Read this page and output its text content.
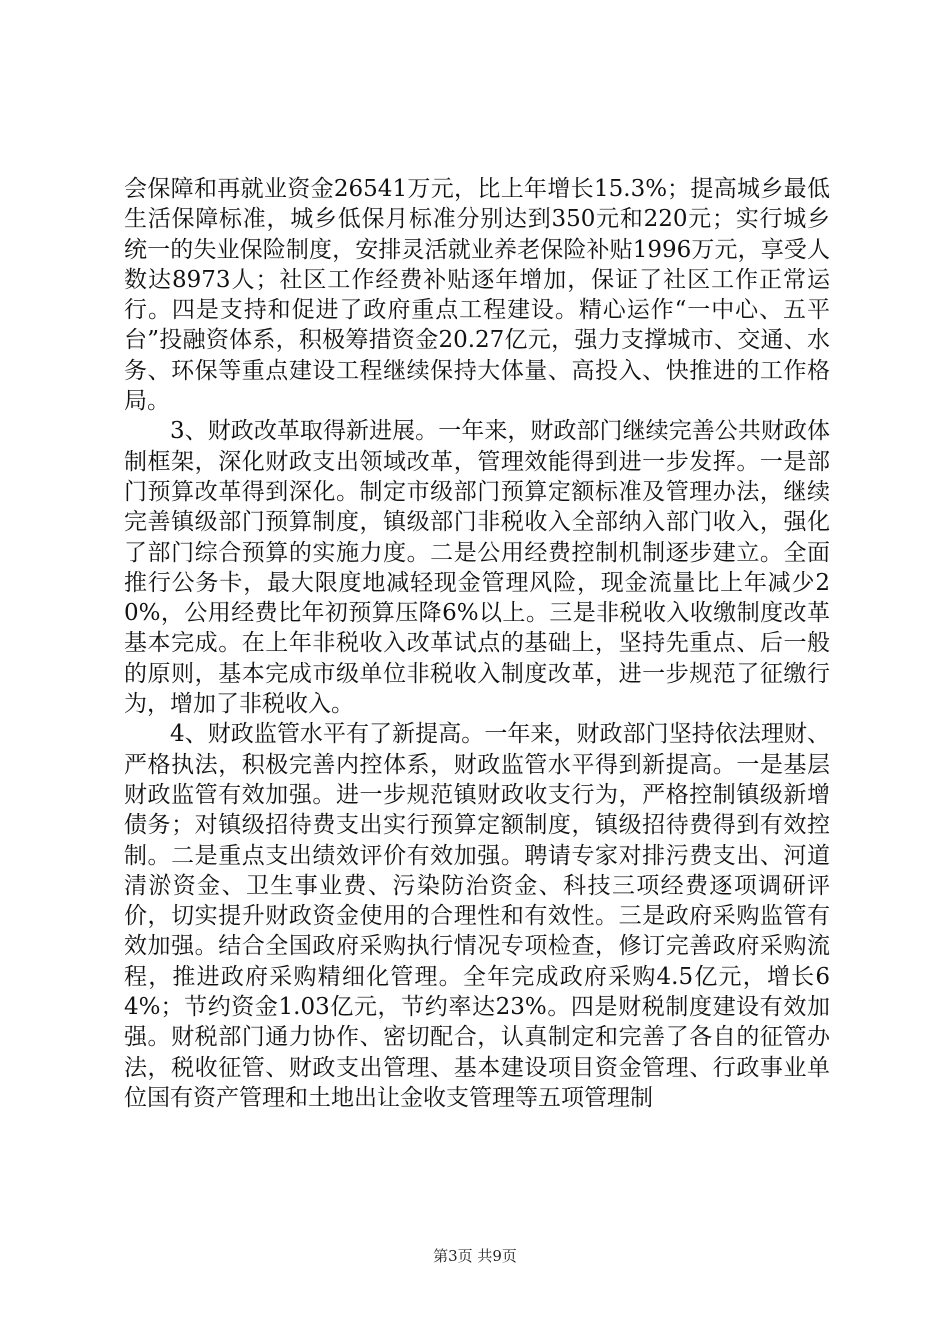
会保障和再就业资金26541万元，比上年增长15.3%；提高城乡最低生活保障标准，城乡低保月标准分别达到350元和220元；实行城乡统一的失业保险制度，安排灵活就业养老保险补贴1996万元，享受人数达8973人；社区工作经费补贴逐年增加，保证了社区工作正常运行。四是支持和促进了政府重点工程建设。精心运作“一中心、五平台”投融资体系，积极筹措资金20.27亿元，强力支撑城市、交通、水务、环保等重点建设工程继续保持大体量、高投入、快推进的工作格局。

3、财政改革取得新进展。一年来，财政部门继续完善公共财政体制框架，深化财政支出领域改革，管理效能得到进一步发挥。一是部门预算改革得到深化。制定市级部门预算定额标准及管理办法，继续完善镇级部门预算制度，镇级部门非税收入全部纳入部门收入，强化了部门综合预算的实施力度。二是公用经费控制机制逐步建立。全面推行公务卡，最大限度地减轻现金管理风险，现金流量比上年减少20%，公用经费比年初预算压降6%以上。三是非税收入收缴制度改革基本完成。在上年非税收入改革试点的基础上，坚持先重点、后一般的原则，基本完成市级单位非税收入制度改革，进一步规范了征缴行为，增加了非税收入。

4、财政监管水平有了新提高。一年来，财政部门坚持依法理财、严格执法，积极完善内控体系，财政监管水平得到新提高。一是基层财政监管有效加强。进一步规范镇财政收支行为，严格控制镇级新增债务；对镇级招待费支出实行预算定额制度，镇级招待费得到有效控制。二是重点支出绩效评价有效加强。聘请专家对排污费支出、河道清淤资金、卫生事业费、污染防治资金、科技三项经费逐项调研评价，切实提升财政资金使用的合理性和有效性。三是政府采购监管有效加强。结合全国政府采购执行情况专项检查，修订完善政府采购流程，推进政府采购精细化管理。全年完成政府采购4.5亿元，增长64%；节约资金1.03亿元，节约率达23%。四是财税制度建设有效加强。财税部门通力协作、密切配合，认真制定和完善了各自的征管办法，税收征管、财政支出管理、基本建设项目资金管理、行政事业单位国有资产管理和土地出让金收支管理等五项管理制

第3页 共9页
